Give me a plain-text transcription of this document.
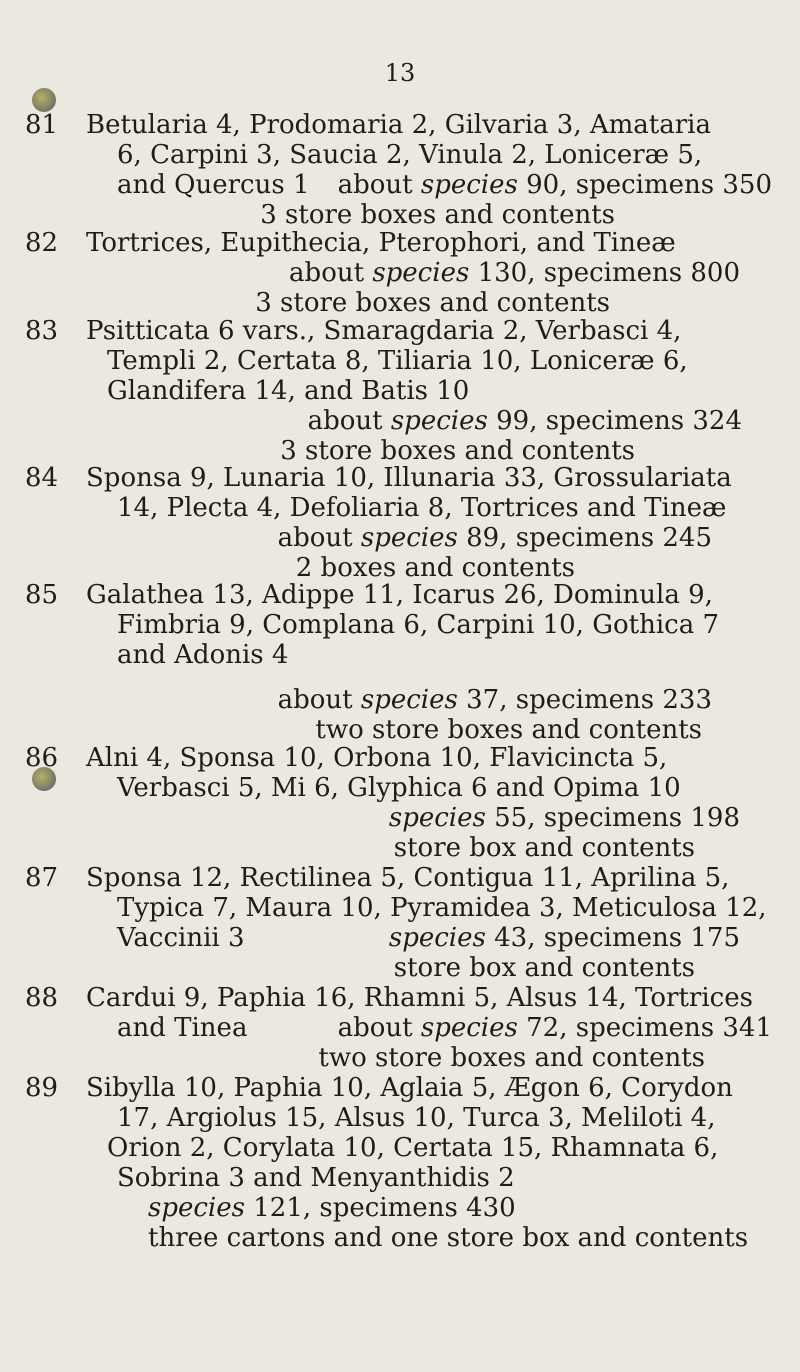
13
81 Betularia 4, Prodomaria 2, Gilvaria 3, Amataria
6, Carpini 3, Saucia 2, Vinula 2, Loniceræ 5,
and Quercus 1 about species 90, specimens 350
3 store boxes and contents
82 Tortrices, Eupithecia, Pterophori, and Tineæ
about species 130, specimens 800
3 store boxes and contents
83 Psitticata 6 vars., Smaragdaria 2, Verbasci 4,
Templi 2, Certata 8, Tiliaria 10, Loniceræ 6,
Glandifera 14, and Batis 10
about species 99, specimens 324
3 store boxes and contents
84 Sponsa 9, Lunaria 10, Illunaria 33, Grossulariata
14, Plecta 4, Defoliaria 8, Tortrices and Tineæ
about species 89, specimens 245
2 boxes and contents
85 Galathea 13, Adippe 11, Icarus 26, Dominula 9,
Fimbria 9, Complana 6, Carpini 10, Gothica 7
and Adonis 4
about species 37, specimens 233
two store boxes and contents
86 Alni 4, Sponsa 10, Orbona 10, Flavicincta 5,
Verbasci 5, Mi 6, Glyphica 6 and Opima 10
species 55, specimens 198
store box and contents
87 Sponsa 12, Rectilinea 5, Contigua 11, Aprilina 5,
Typica 7, Maura 10, Pyramidea 3, Meticulosa 12,
Vaccinii 3	species 43, specimens 175
store box and contents
88 Cardui 9, Paphia 16, Rhamni 5, Alsus 14, Tortrices
and Tinea	about species 72, specimens 341
two store boxes and contents
89 Sibylla 10, Paphia 10, Aglaia 5, Ægon 6, Corydon
17, Argiolus 15, Alsus 10, Turca 3, Meliloti 4,
Orion 2, Corylata 10, Certata 15, Rhamnata 6,
Sobrina 3 and Menyanthidis 2
species 121, specimens 430
three cartons and one store box and contents
